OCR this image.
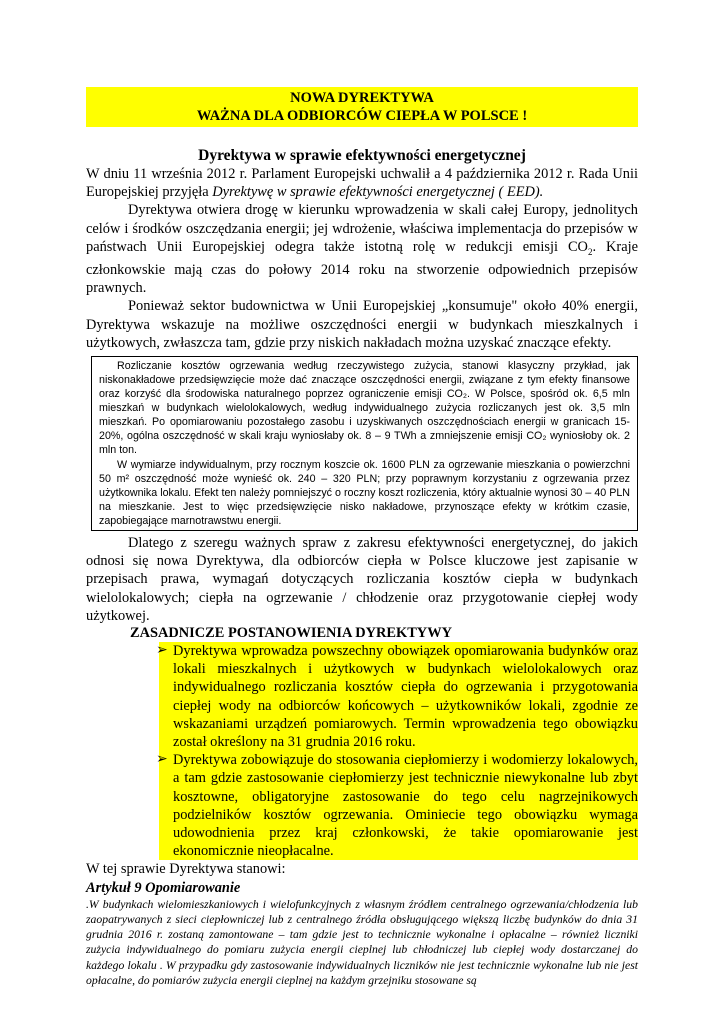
NOWA DYREKTYWA
WAŻNA DLA ODBIORCÓW CIEPŁA W POLSCE !
Dyrektywa w sprawie efektywności energetycznej

W dniu 11 września 2012 r. Parlament Europejski uchwalił a 4 października 2012 r. Rada Unii Europejskiej przyjęła Dyrektywę w sprawie efektywności energetycznej ( EED).

Dyrektywa otwiera drogę w kierunku wprowadzenia w skali całej Europy, jednolitych celów i środków oszczędzania energii; jej wdrożenie, właściwa implementacja do przepisów w państwach Unii Europejskiej odegra także istotną rolę w redukcji emisji $CO_2$. Kraje członkowskie mają czas do połowy 2014 roku na stworzenie odpowiednich przepisów prawnych.

Ponieważ sektor budownictwa w Unii Europejskiej „konsumuje" około 40% energii, Dyrektywa wskazuje na możliwe oszczędności energii w budynkach mieszkalnych i użytkowych, zwłaszcza tam, gdzie przy niskich nakładach można uzyskać znaczące efekty.

Rozliczanie kosztów ogrzewania według rzeczywistego zużycia, stanowi klasyczny przykład, jak niskonakładowe przedsięwzięcie może dać znaczące oszczędności energii, związane z tym efekty finansowe oraz korzyść dla środowiska naturalnego poprzez ograniczenie emisji CO₂. W Polsce, spośród ok. 6,5 mln mieszkań w budynkach wielolokalowych, według indywidualnego zużycia rozliczanych jest ok. 3,5 mln mieszkań. Po opomiarowaniu pozostałego zasobu i uzyskiwanych oszczędnościach energii w granicach 15-20%, ogólna oszczędność w skali kraju wyniosłaby ok. 8 – 9 TWh a zmniejszenie emisji CO₂ wyniosłoby ok. 2 mln ton.

W wymiarze indywidualnym, przy rocznym koszcie ok. 1600 PLN za ogrzewanie mieszkania o powierzchni 50 m² oszczędność może wynieść ok. 240 – 320 PLN; przy poprawnym korzystaniu z ogrzewania przez użytkownika lokalu. Efekt ten należy pomniejszyć o roczny koszt rozliczenia, który aktualnie wynosi 30 – 40 PLN na mieszkanie. Jest to więc przedsięwzięcie nisko nakładowe, przynoszące efekty w krótkim czasie, zapobiegające marnotrawstwu energii.

Dlatego z szeregu ważnych spraw z zakresu efektywności energetycznej, do jakich odnosi się nowa Dyrektywa, dla odbiorców ciepła w Polsce kluczowe jest zapisanie w przepisach prawa, wymagań dotyczących rozliczania kosztów ciepła w budynkach wielolokalowych; ciepła na ogrzewanie / chłodzenie oraz przygotowanie ciepłej wody użytkowej.

ZASADNICZE POSTANOWIENIA DYREKTYWY
➢ Dyrektywa wprowadza powszechny obowiązek opomiarowania budynków oraz lokali mieszkalnych i użytkowych w budynkach wielolokalowych oraz indywidualnego rozliczania kosztów ciepła do ogrzewania i przygotowania ciepłej wody na odbiorców końcowych – użytkowników lokali, zgodnie ze wskazaniami urządzeń pomiarowych. Termin wprowadzenia tego obowiązku został określony na 31 grudnia 2016 roku.

➢ Dyrektywa zobowiązuje do stosowania ciepłomierzy i wodomierzy lokalowych, a tam gdzie zastosowanie ciepłomierzy jest technicznie niewykonalne lub zbyt kosztowne, obligatoryjne zastosowanie do tego celu nagrzejnikowych podzielników kosztów ogrzewania. Ominiecie tego obowiązku wymaga udowodnienia przez kraj członkowski, że takie opomiarowanie jest ekonomicznie nieopłacalne.

W tej sprawie Dyrektywa stanowi:

Artykuł 9 Opomiarowanie

.W budynkach wielomieszkaniowych i wielofunkcyjnych z własnym źródłem centralnego ogrzewania/chłodzenia lub zaopatrywanych z sieci ciepłowniczej lub z centralnego źródła obsługującego większą liczbę budynków do dnia 31 grudnia 2016 r. zostaną zamontowane – tam gdzie jest to technicznie wykonalne i opłacalne – również liczniki zużycia indywidualnego do pomiaru zużycia energii cieplnej lub chłodniczej lub ciepłej wody dostarczanej do każdego lokalu . W przypadku gdy zastosowanie indywidualnych liczników nie jest technicznie wykonalne lub nie jest opłacalne, do pomiarów zużycia energii cieplnej na każdym grzejniku stosowane są
